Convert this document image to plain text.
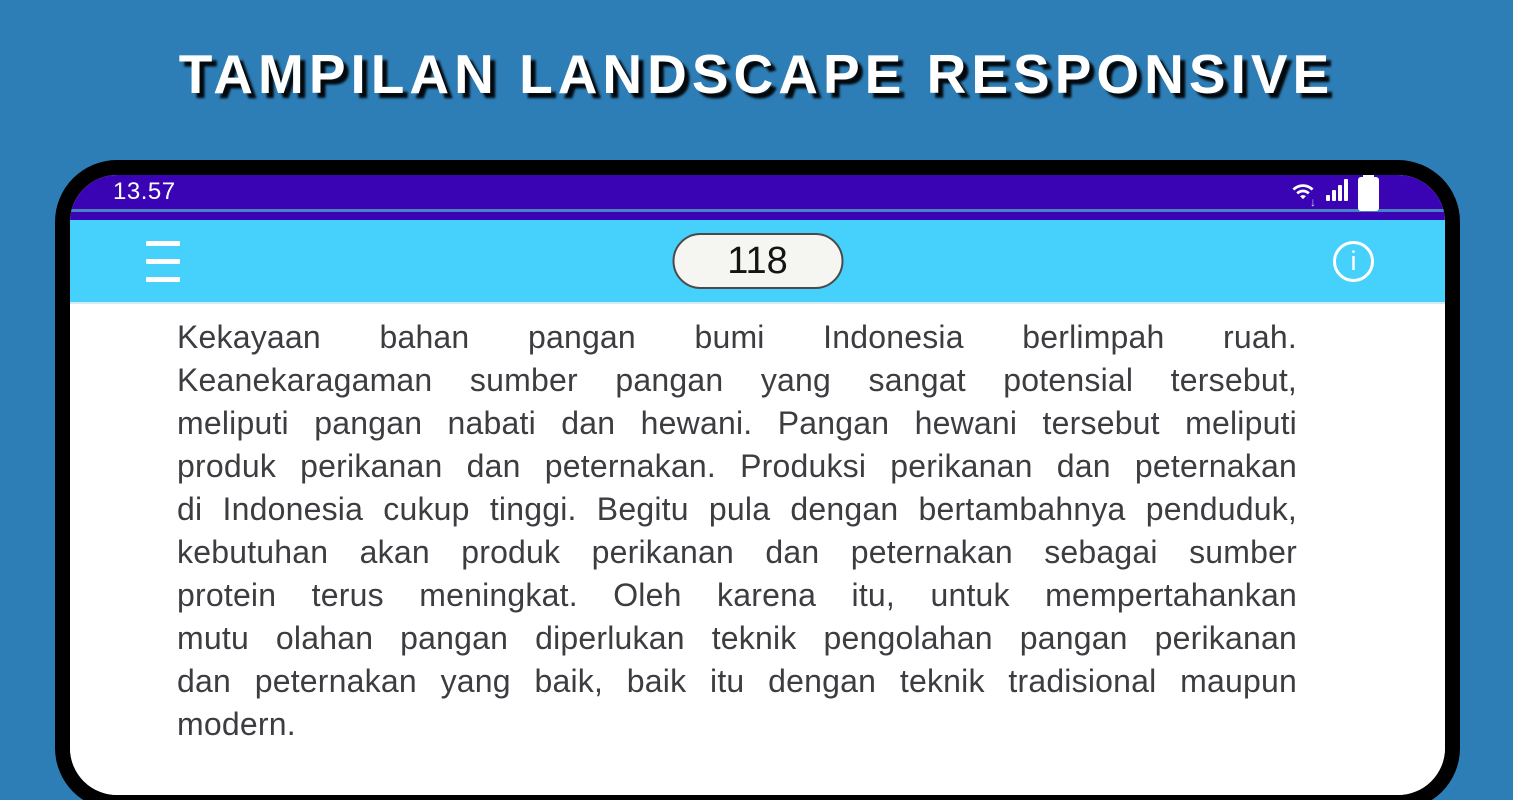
TAMPILAN LANDSCAPE RESPONSIVE
13.57	↓
118	i
Kekayaan bahan pangan bumi Indonesia berlimpah ruah.
Keanekaragaman sumber pangan yang sangat potensial tersebut,
meliputi pangan nabati dan hewani. Pangan hewani tersebut meliputi
produk perikanan dan peternakan. Produksi perikanan dan peternakan
di Indonesia cukup tinggi. Begitu pula dengan bertambahnya penduduk,
kebutuhan akan produk perikanan dan peternakan sebagai sumber
protein terus meningkat. Oleh karena itu, untuk mempertahankan
mutu olahan pangan diperlukan teknik pengolahan pangan perikanan
dan peternakan yang baik, baik itu dengan teknik tradisional maupun
modern.
